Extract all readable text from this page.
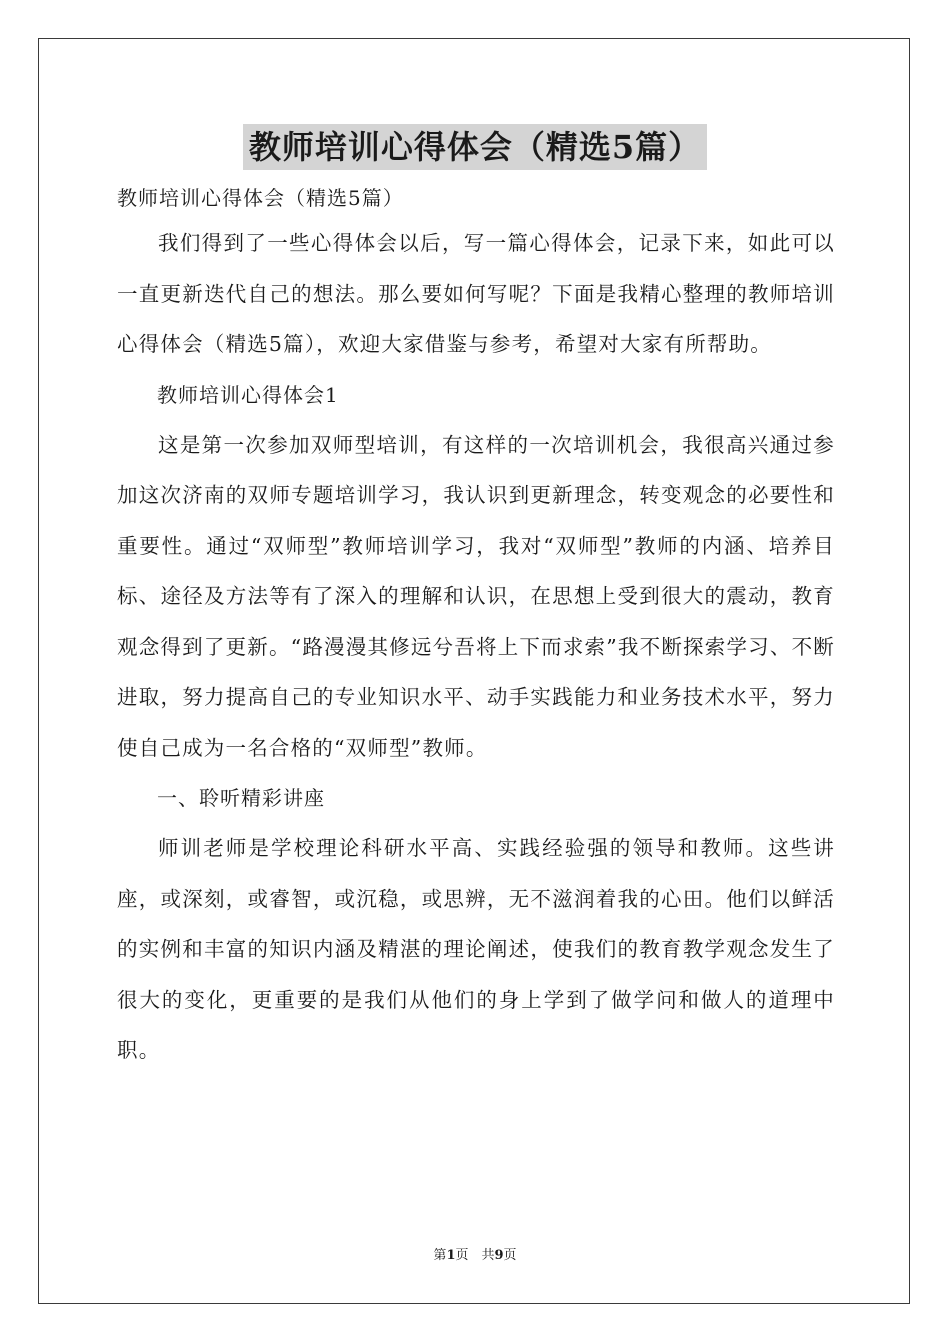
教师培训心得体会（精选5篇）

教师培训心得体会（精选5篇）

我们得到了一些心得体会以后，写一篇心得体会，记录下来，如此可以一直更新迭代自己的想法。那么要如何写呢？下面是我精心整理的教师培训心得体会（精选5篇），欢迎大家借鉴与参考，希望对大家有所帮助。

教师培训心得体会1

这是第一次参加双师型培训，有这样的一次培训机会，我很高兴通过参加这次济南的双师专题培训学习，我认识到更新理念，转变观念的必要性和重要性。通过“双师型”教师培训学习，我对“双师型”教师的内涵、培养目标、途径及方法等有了深入的理解和认识，在思想上受到很大的震动，教育观念得到了更新。“路漫漫其修远兮吾将上下而求索”我不断探索学习、不断进取，努力提高自己的专业知识水平、动手实践能力和业务技术水平，努力使自己成为一名合格的“双师型”教师。

一、聆听精彩讲座

师训老师是学校理论科研水平高、实践经验强的领导和教师。这些讲座，或深刻，或睿智，或沉稳，或思辨，无不滋润着我的心田。他们以鲜活的实例和丰富的知识内涵及精湛的理论阐述，使我们的教育教学观念发生了很大的变化，更重要的是我们从他们的身上学到了做学问和做人的道理中职。

第1页　共9页
